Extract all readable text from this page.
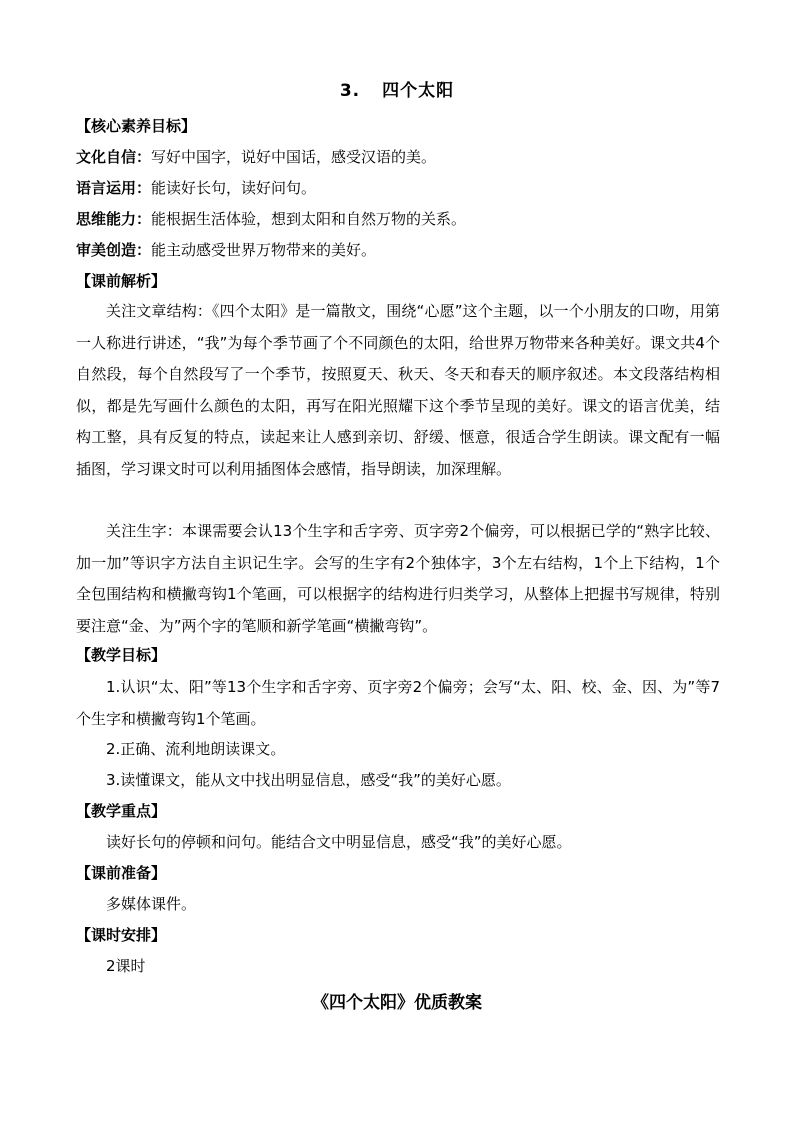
3. 四个太阳
【核心素养目标】
文化自信：写好中国字，说好中国话，感受汉语的美。
语言运用：能读好长句，读好问句。
思维能力：能根据生活体验，想到太阳和自然万物的关系。
审美创造：能主动感受世界万物带来的美好。
【课前解析】
关注文章结构：《四个太阳》是一篇散文，围绕“心愿”这个主题，以一个小朋友的口吻，用第一人称进行讲述，“我”为每个季节画了个不同颜色的太阳，给世界万物带来各种美好。课文共4个自然段，每个自然段写了一个季节，按照夏天、秋天、冬天和春天的顺序叙述。本文段落结构相似，都是先写画什么颜色的太阳，再写在阳光照耀下这个季节呈现的美好。课文的语言优美，结构工整，具有反复的特点，读起来让人感到亲切、舒缓、惬意，很适合学生朗读。课文配有一幅插图，学习课文时可以利用插图体会感情，指导朗读，加深理解。
关注生字：本课需要会认13个生字和舌字旁、页字旁2个偏旁，可以根据已学的“熟字比较、加一加”等识字方法自主识记生字。会写的生字有2个独体字，3个左右结构，1个上下结构，1个全包围结构和横撇弯钩1个笔画，可以根据字的结构进行归类学习，从整体上把握书写规律，特别要注意“金、为”两个字的笔顺和新学笔画“横撇弯钩”。
【教学目标】
1.认识“太、阳”等13个生字和舌字旁、页字旁2个偏旁；会写“太、阳、校、金、因、为”等7个生字和横撇弯钩1个笔画。
2.正确、流利地朗读课文。
3.读懂课文，能从文中找出明显信息，感受“我”的美好心愿。
【教学重点】
读好长句的停顿和问句。能结合文中明显信息，感受“我”的美好心愿。
【课前准备】
多媒体课件。
【课时安排】
2课时
《四个太阳》优质教案
